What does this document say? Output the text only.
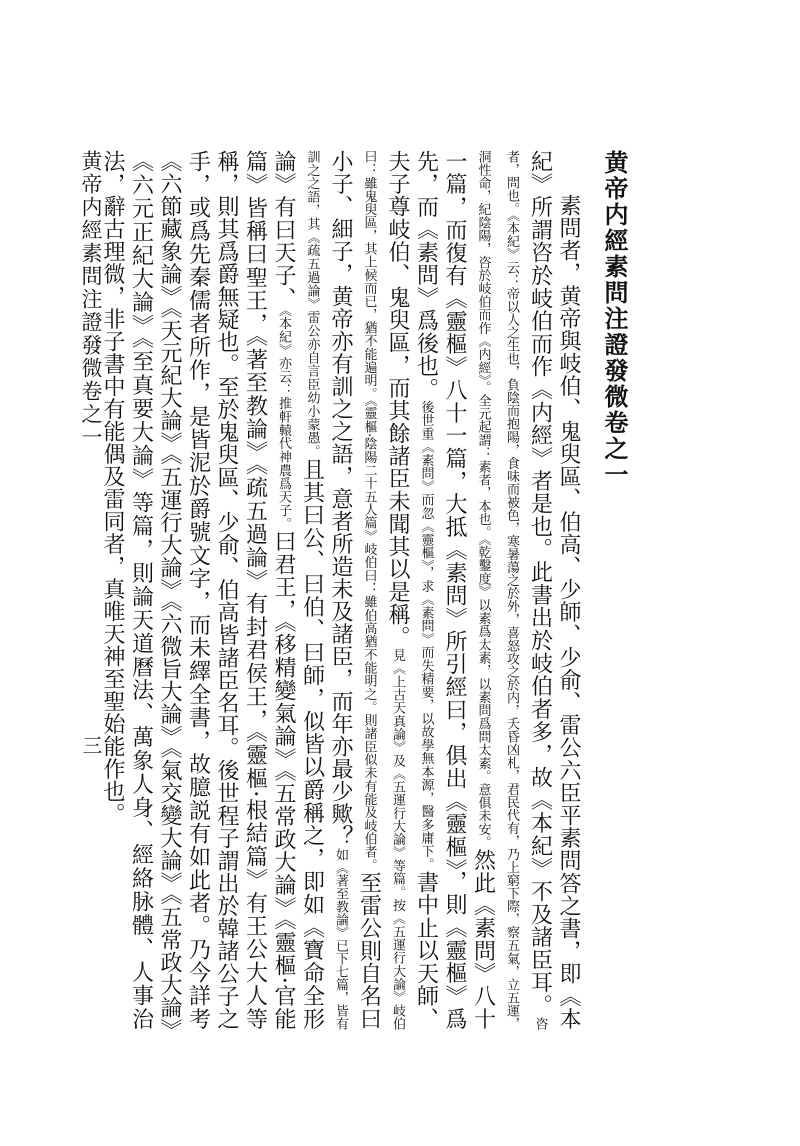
黄帝内經素問注證發微卷之一
素問者，黄帝與岐伯、鬼臾區、伯高、少師、少俞、雷公六臣平素問答之書，即《本紀》所謂咨於岐伯而作《内經》者是也。此書出於岐伯者多，故《本紀》不及諸臣耳。咨者，問也。《本紀》云：帝以人之生也，負陰而抱陽，食味而被色，寒暑蕩之於外，喜怒攻之於内，夭昏凶札，君民代有，乃上窮下際，察五氣，立五運，洞性命，紀陰陽，咨於岐伯而作《内經》。全元起謂：素者，本也。《乾鑿度》以素爲太素，以素問爲問太素。意俱未安。然此《素問》八十一篇，而復有《靈樞》八十一篇，大抵《素問》所引經曰，俱出《靈樞》，則《靈樞》爲先，而《素問》爲後也。後世重《素問》而忽《靈樞》，求《素問》而失精要，以故學無本源，醫多庸下。書中止以天師、夫子尊岐伯、鬼臾區，而其餘諸臣未聞其以是稱。見《上古天真論》及《五運行大論》等篇。按《五運行大論》岐伯曰：雖鬼臾區，其上候而已，猶不能遍明。《靈樞·陰陽二十五人篇》岐伯曰：雖伯高猶不能明之。則諸臣似未有能及岐伯者。至雷公則自名曰小子、細子，黄帝亦有訓之之語，意者所造未及諸臣，而年亦最少歟？如《著至教論》已下七篇，皆有訓之之語，其《疏五過論》雷公亦自言臣幼小蒙愚。且其曰公、曰伯、曰師，似皆以爵稱之，即如《寶命全形論》有曰天子、《本紀》亦云：推軒轅代神農爲天子。曰君王，《移精變氣論》《五常政大論》《靈樞·官能篇》皆稱曰聖王，《著至教論》《疏五過論》有封君侯王，《靈樞·根結篇》有王公大人等稱，則其爲爵無疑也。至於鬼臾區、少俞、伯高皆諸臣名耳。後世程子謂出於韓諸公子之手，或爲先秦儒者所作，是皆泥於爵號文字，而未繹全書，故臆説有如此者。乃今詳考《六節藏象論》《天元紀大論》《五運行大論》《六微旨大論》《氣交變大論》《五常政大論》《六元正紀大論》《至真要大論》等篇，則論天道曆法、萬象人身、經絡脉體、人事治法，辭古理微，非子書中有能偶及雷同者，真唯天神至聖始能作也。
黄帝内經素問注證發微卷之一
三
